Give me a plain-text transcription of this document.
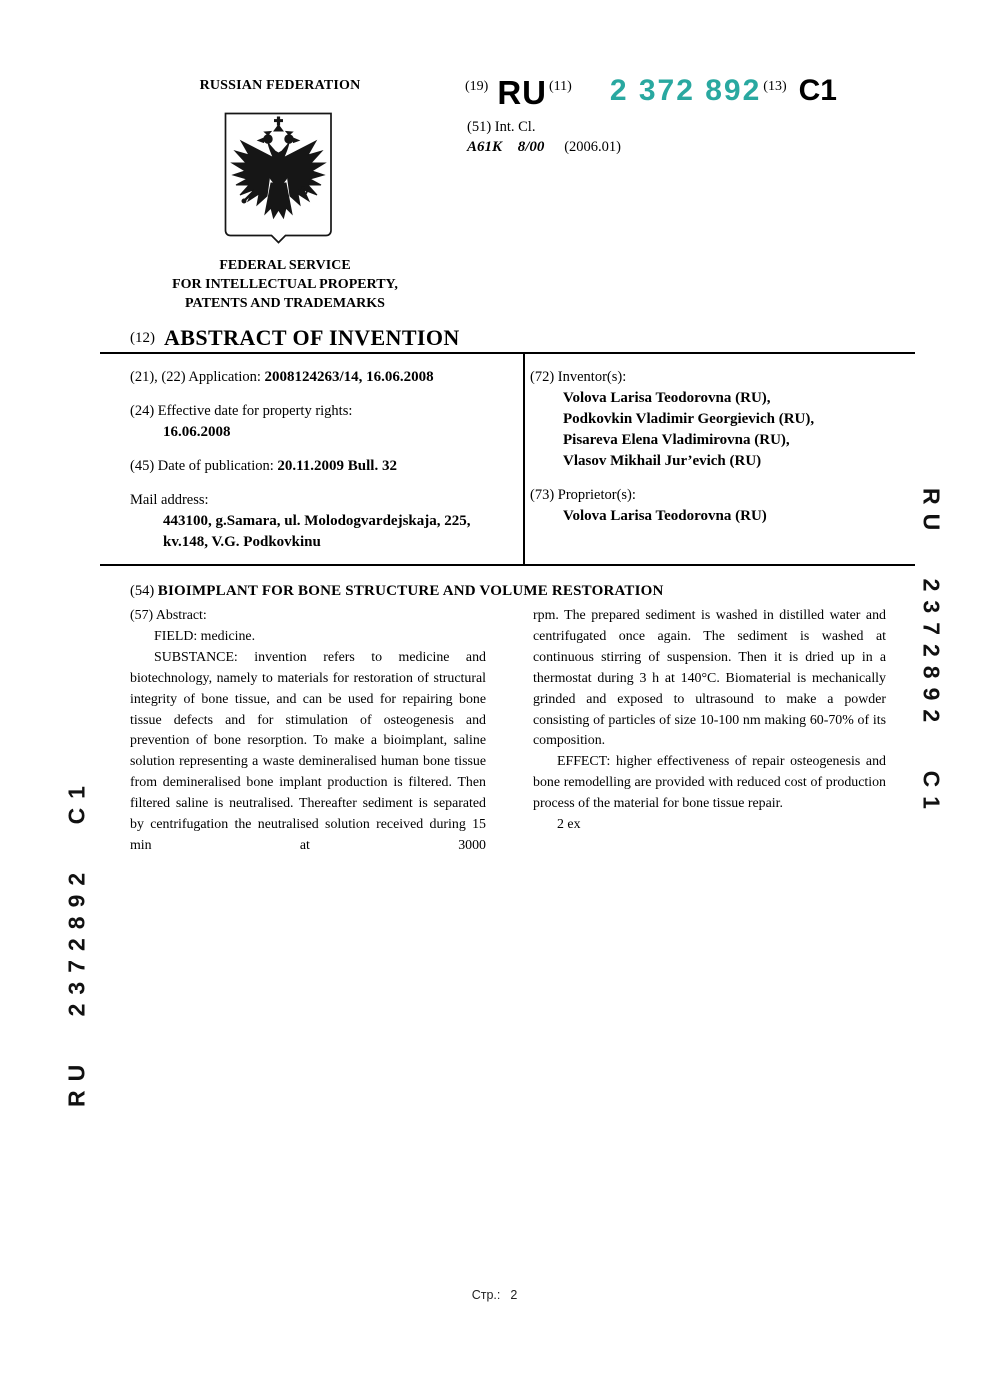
RUSSIAN FEDERATION
FEDERAL SERVICE
FOR INTELLECTUAL PROPERTY,
PATENTS AND TRADEMARKS
(19) RU (11) 2 372 892 (13) C1
(51) Int. Cl.
A61K 8/00 (2006.01)
(12) ABSTRACT OF INVENTION
(21), (22) Application: 2008124263/14, 16.06.2008
(24) Effective date for property rights:
16.06.2008
(45) Date of publication: 20.11.2009 Bull. 32
Mail address:
443100, g.Samara, ul. Molodogvardejskaja, 225,
kv.148, V.G. Podkovkinu
(72) Inventor(s):
Volova Larisa Teodorovna (RU),
Podkovkin Vladimir Georgievich (RU),
Pisareva Elena Vladimirovna (RU),
Vlasov Mikhail Jur’evich (RU)
(73) Proprietor(s):
Volova Larisa Teodorovna (RU)
(54) BIOIMPLANT FOR BONE STRUCTURE AND VOLUME RESTORATION
(57) Abstract:

FIELD: medicine.

SUBSTANCE: invention refers to medicine and biotechnology, namely to materials for restoration of structural integrity of bone tissue, and can be used for repairing bone tissue defects and for stimulation of osteogenesis and prevention of bone resorption. To make a bioimplant, saline solution representing a waste demineralised human bone tissue from demineralised bone implant production is filtered. Then filtered saline is neutralised. Thereafter sediment is separated by centrifugation the neutralised solution received during 15 min at 3000

rpm. The prepared sediment is washed in distilled water and centrifugated once again. The sediment is washed at continuous stirring of suspension. Then it is dried up in a thermostat during 3 h at 140°C. Biomaterial is mechanically grinded and exposed to ultrasound to make a powder consisting of particles of size 10-100 nm making 60-70% of its composition.

EFFECT: higher effectiveness of repair osteogenesis and bone remodelling are provided with reduced cost of production process of the material for bone tissue repair.

2 ex

RU 2372892 C1
RU 2372892 C1
Стр.: 2
